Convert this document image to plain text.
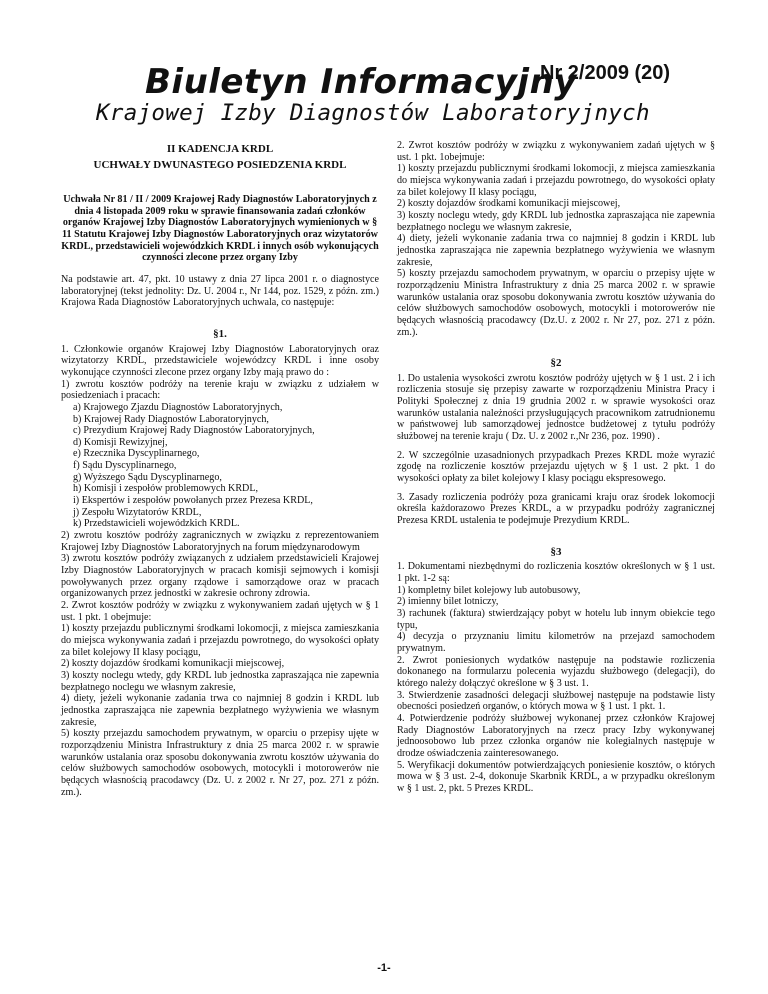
Biuletyn Informacyjny
Nr 2/2009 (20)
Krajowej Izby Diagnostów Laboratoryjnych

II KADENCJA KRDL

UCHWAŁY DWUNASTEGO POSIEDZENIA KRDL

Uchwała Nr 81 / II / 2009 Krajowej Rady Diagnostów Laboratoryjnych z dnia 4 listopada 2009 roku w sprawie finansowania zadań członków organów Krajowej Izby Diagnostów Laboratoryjnych wymienionych w § 11 Statutu Krajowej Izby Diagnostów Laboratoryjnych oraz wizytatorów KRDL, przedstawicieli wojewódzkich KRDL i innych osób wykonujących czynności zlecone przez organy Izby

Na podstawie art. 47, pkt. 10 ustawy z dnia 27 lipca 2001 r. o diagnostyce laboratoryjnej (tekst jednolity: Dz. U. 2004 r., Nr 144, poz. 1529, z późn. zm.) Krajowa Rada Diagnostów Laboratoryjnych uchwala, co następuje:

§1.

1. Członkowie organów Krajowej Izby Diagnostów Laboratoryjnych oraz wizytatorzy KRDL, przedstawiciele wojewódzcy KRDL i inne osoby wykonujące czynności zlecone przez organy Izby mają prawo do :

1) zwrotu kosztów podróży na terenie kraju w związku z udziałem w posiedzeniach i pracach:

a) Krajowego Zjazdu Diagnostów Laboratoryjnych,

b) Krajowej Rady Diagnostów Laboratoryjnych,

c) Prezydium Krajowej Rady Diagnostów Laboratoryjnych,

d) Komisji Rewizyjnej,

e) Rzecznika Dyscyplinarnego,

f) Sądu Dyscyplinarnego,

g) Wyższego Sądu Dyscyplinarnego,

h) Komisji i zespołów problemowych KRDL,

i) Ekspertów i zespołów powołanych przez Prezesa KRDL,

j) Zespołu Wizytatorów KRDL,

k) Przedstawicieli wojewódzkich KRDL.

2) zwrotu kosztów podróży zagranicznych w związku z reprezentowaniem Krajowej Izby Diagnostów Laboratoryjnych na forum międzynarodowym

3) zwrotu kosztów podróży związanych z udziałem przedstawicieli Krajowej Izby Diagnostów Laboratoryjnych w pracach komisji sejmowych i komisji powoływanych przez organy rządowe i samorządowe oraz w pracach organizowanych przez jednostki w zakresie ochrony zdrowia.

2. Zwrot kosztów podróży w związku z wykonywaniem zadań ujętych w § 1 ust. 1 pkt. 1 obejmuje:

1) koszty przejazdu publicznymi środkami lokomocji, z miejsca zamieszkania do miejsca wykonywania zadań i przejazdu powrotnego, do wysokości opłaty za bilet kolejowy II klasy pociągu,

2) koszty dojazdów środkami komunikacji miejscowej,

3) koszty noclegu wtedy, gdy KRDL lub jednostka zapraszająca nie zapewnia bezpłatnego noclegu we własnym zakresie,

4) diety, jeżeli wykonanie zadania trwa co najmniej 8 godzin i KRDL lub jednostka zapraszająca nie zapewnia bezpłatnego wyżywienia we własnym zakresie,

5) koszty przejazdu samochodem prywatnym, w oparciu o przepisy ujęte w rozporządzeniu Ministra Infrastruktury z dnia 25 marca 2002 r. w sprawie warunków ustalania oraz sposobu dokonywania zwrotu kosztów używania do celów służbowych samochodów osobowych, motocykli i motorowerów nie będących własnością pracodawcy (Dz. U. z 2002 r. Nr 27, poz. 271 z późn. zm.).

2. Zwrot kosztów podróży w związku z wykonywaniem zadań ujętych w § ust. 1 pkt. 1obejmuje:

1) koszty przejazdu publicznymi środkami lokomocji, z miejsca zamieszkania do miejsca wykonywania zadań i przejazdu powrotnego, do wysokości opłaty za bilet kolejowy II klasy pociągu,

2) koszty dojazdów środkami komunikacji miejscowej,

3) koszty noclegu wtedy, gdy KRDL lub jednostka zapraszająca nie zapewnia bezpłatnego noclegu we własnym zakresie,

4) diety, jeżeli wykonanie zadania trwa co najmniej 8 godzin i KRDL lub jednostka zapraszająca nie zapewnia bezpłatnego wyżywienia we własnym zakresie,

5) koszty przejazdu samochodem prywatnym, w oparciu o przepisy ujęte w rozporządzeniu Ministra Infrastruktury z dnia 25 marca 2002 r. w sprawie warunków ustalania oraz sposobu dokonywania zwrotu kosztów używania do celów służbowych samochodów osobowych, motocykli i motorowerów nie będących własnością pracodawcy (Dz.U. z 2002 r. Nr 27, poz. 271 z późn. zm.).

§2

1. Do ustalenia wysokości zwrotu kosztów podróży ujętych w § 1 ust. 2 i ich rozliczenia stosuje się przepisy zawarte w rozporządzeniu Ministra Pracy i Polityki Społecznej z dnia 19 grudnia 2002 r. w sprawie wysokości oraz warunków ustalania należności przysługujących pracownikom zatrudnionemu w państwowej lub samorządowej jednostce budżetowej z tytułu podróży służbowej na terenie kraju ( Dz. U. z 2002 r.,Nr 236, poz. 1990) .

2. W szczególnie uzasadnionych przypadkach Prezes KRDL może wyrazić zgodę na rozliczenie kosztów przejazdu ujętych w § 1 ust. 2 pkt. 1 do wysokości opłaty za bilet kolejowy I klasy pociągu ekspresowego.

3. Zasady rozliczenia podróży poza granicami kraju oraz środek lokomocji określa każdorazowo Prezes KRDL, a w przypadku podróży zagranicznej Prezesa KRDL ustalenia te podejmuje Prezydium KRDL.

§3

1. Dokumentami niezbędnymi do rozliczenia kosztów określonych w § 1 ust. 1 pkt. 1-2 są:

1) kompletny bilet kolejowy lub autobusowy,

2) imienny bilet lotniczy,

3) rachunek (faktura) stwierdzający pobyt w hotelu lub innym obiekcie tego typu,

4) decyzja o przyznaniu limitu kilometrów na przejazd samochodem prywatnym.

2. Zwrot poniesionych wydatków następuje na podstawie rozliczenia dokonanego na formularzu polecenia wyjazdu służbowego (delegacji), do którego należy dołączyć określone w § 3 ust. 1.

3. Stwierdzenie zasadności delegacji służbowej następuje na podstawie listy obecności posiedzeń organów, o których mowa w § 1 ust. 1 pkt. 1.

4. Potwierdzenie podróży służbowej wykonanej przez członków Krajowej Rady Diagnostów Laboratoryjnych na rzecz pracy Izby wykonywanej jednoosobowo lub przez członka organów nie kolegialnych następuje w drodze oświadczenia zainteresowanego.

5. Weryfikacji dokumentów potwierdzających poniesienie kosztów, o których mowa w § 3 ust. 2-4, dokonuje Skarbnik KRDL, a w przypadku określonym w § 1 ust. 2, pkt. 5 Prezes KRDL.

-1-
